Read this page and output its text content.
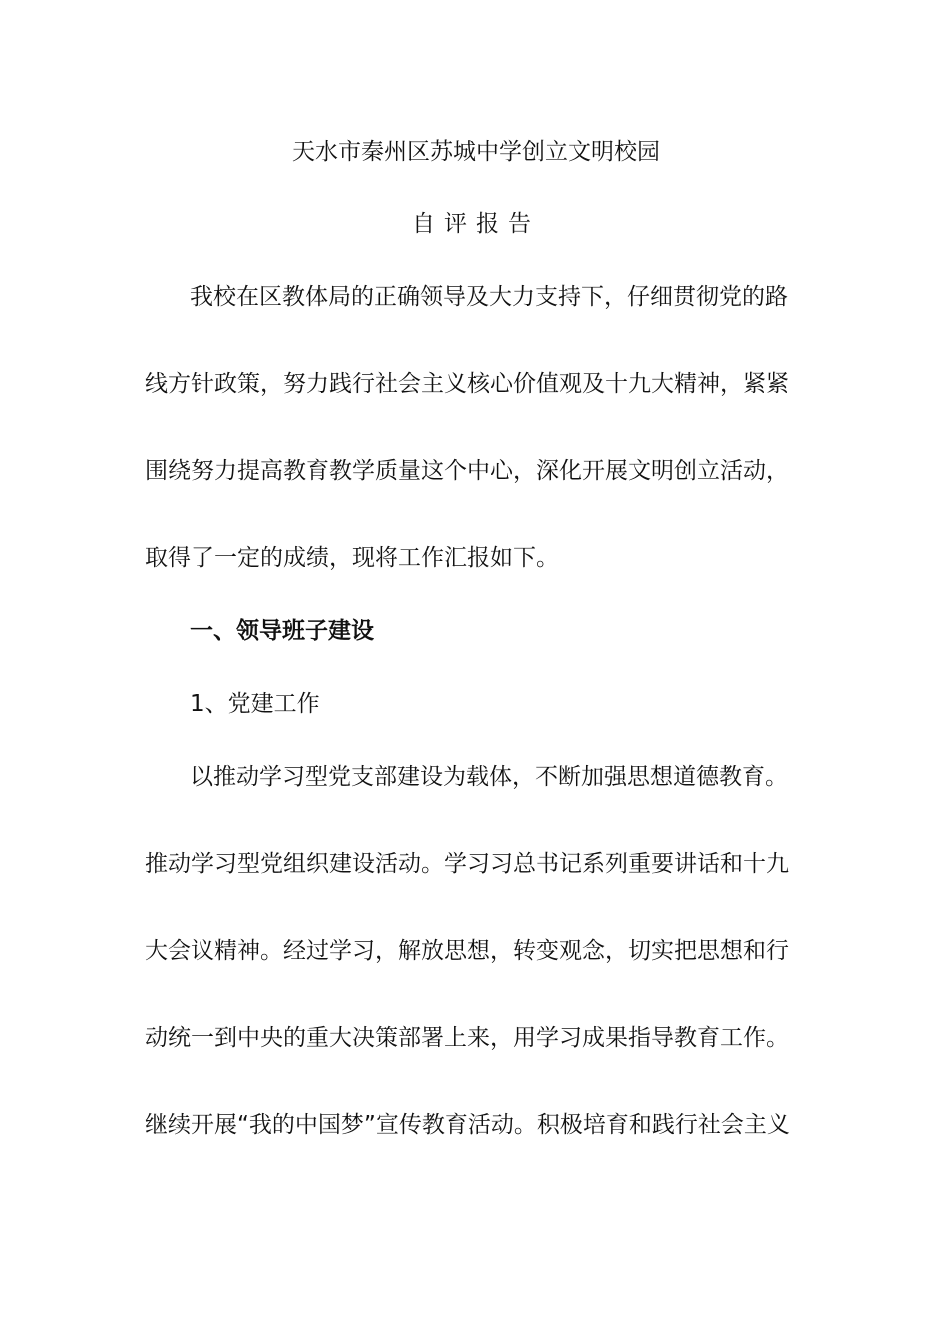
天水市秦州区苏城中学创立文明校园
自评报告
我校在区教体局的正确领导及大力支持下，仔细贯彻党的路
线方针政策，努力践行社会主义核心价值观及十九大精神，紧紧
围绕努力提高教育教学质量这个中心，深化开展文明创立活动，
取得了一定的成绩，现将工作汇报如下。
一、领导班子建设
1、党建工作
以推动学习型党支部建设为载体，不断加强思想道德教育。
推动学习型党组织建设活动。学习习总书记系列重要讲话和十九
大会议精神。经过学习，解放思想，转变观念，切实把思想和行
动统一到中央的重大决策部署上来，用学习成果指导教育工作。
继续开展“我的中国梦”宣传教育活动。积极培育和践行社会主义
